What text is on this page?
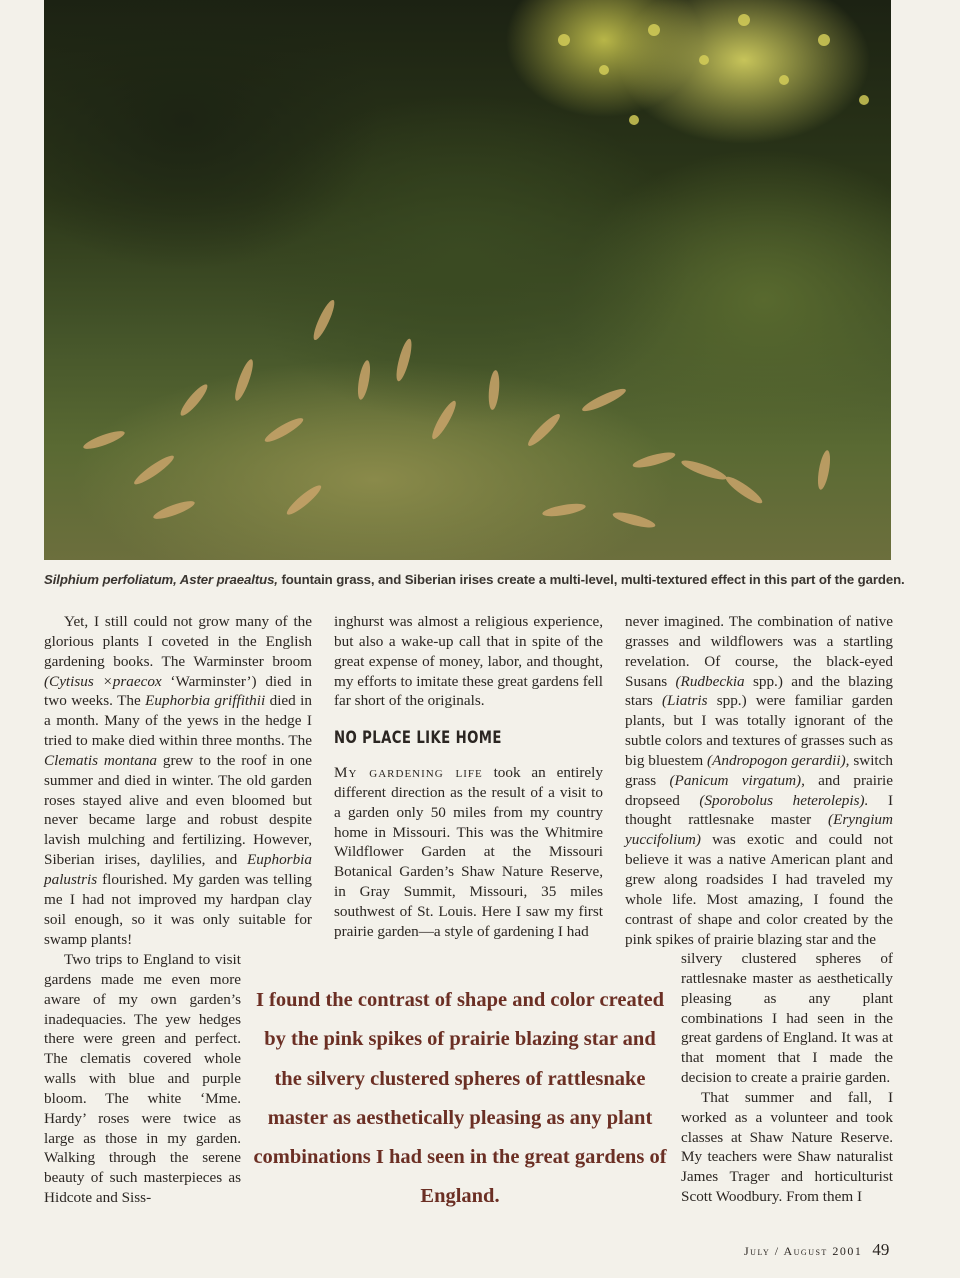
Silphium perfoliatum, Aster praealtus, fountain grass, and Siberian irises create a multi-level, multi-textured effect in this part of the garden.

Yet, I still could not grow many of the glorious plants I coveted in the English gardening books. The Warminster broom (Cytisus ×praecox ‘Warminster’) died in two weeks. The Euphorbia griffithii died in a month. Many of the yews in the hedge I tried to make died within three months. The Clematis montana grew to the roof in one summer and died in winter. The old garden roses stayed alive and even bloomed but never became large and robust despite lavish mulching and fertilizing. However, Siberian irises, daylilies, and Euphorbia palustris flourished. My garden was telling me I had not improved my hardpan clay soil enough, so it was only suitable for swamp plants!

Two trips to England to visit gardens made me even more aware of my own garden’s inadequacies. The yew hedges there were green and perfect. The clematis covered whole walls with blue and purple bloom. The white ‘Mme. Hardy’ roses were twice as large as those in my garden. Walking through the serene beauty of such masterpieces as Hidcote and Siss-

inghurst was almost a religious experience, but also a wake-up call that in spite of the great expense of money, labor, and thought, my efforts to imitate these great gardens fell far short of the originals.

NO PLACE LIKE HOME

My gardening life took an entirely different direction as the result of a visit to a garden only 50 miles from my country home in Missouri. This was the Whitmire Wildflower Garden at the Missouri Botanical Garden’s Shaw Nature Reserve, in Gray Summit, Missouri, 35 miles southwest of St. Louis. Here I saw my first prairie garden—a style of gardening I had

never imagined. The combination of native grasses and wildflowers was a startling revelation. Of course, the black-eyed Susans (Rudbeckia spp.) and the blazing stars (Liatris spp.) were familiar garden plants, but I was totally ignorant of the subtle colors and textures of grasses such as big bluestem (Andropogon gerardii), switch grass (Panicum virgatum), and prairie dropseed (Sporobolus heterolepis). I thought rattlesnake master (Eryngium yuccifolium) was exotic and could not believe it was a native American plant and grew along roadsides I had traveled my whole life. Most amazing, I found the contrast of shape and color created by the pink spikes of prairie blazing star and the

silvery clustered spheres of rattlesnake master as aesthetically pleasing as any plant combinations I had seen in the great gardens of England. It was at that moment that I made the decision to create a prairie garden.

That summer and fall, I worked as a volunteer and took classes at Shaw Nature Reserve. My teachers were Shaw naturalist James Trager and horticulturist Scott Woodbury. From them I

I found the contrast of shape and color created by the pink spikes of prairie blazing star and the silvery clustered spheres of rattlesnake master as aesthetically pleasing as any plant combinations I had seen in the great gardens of England.
July / August 2001 49
